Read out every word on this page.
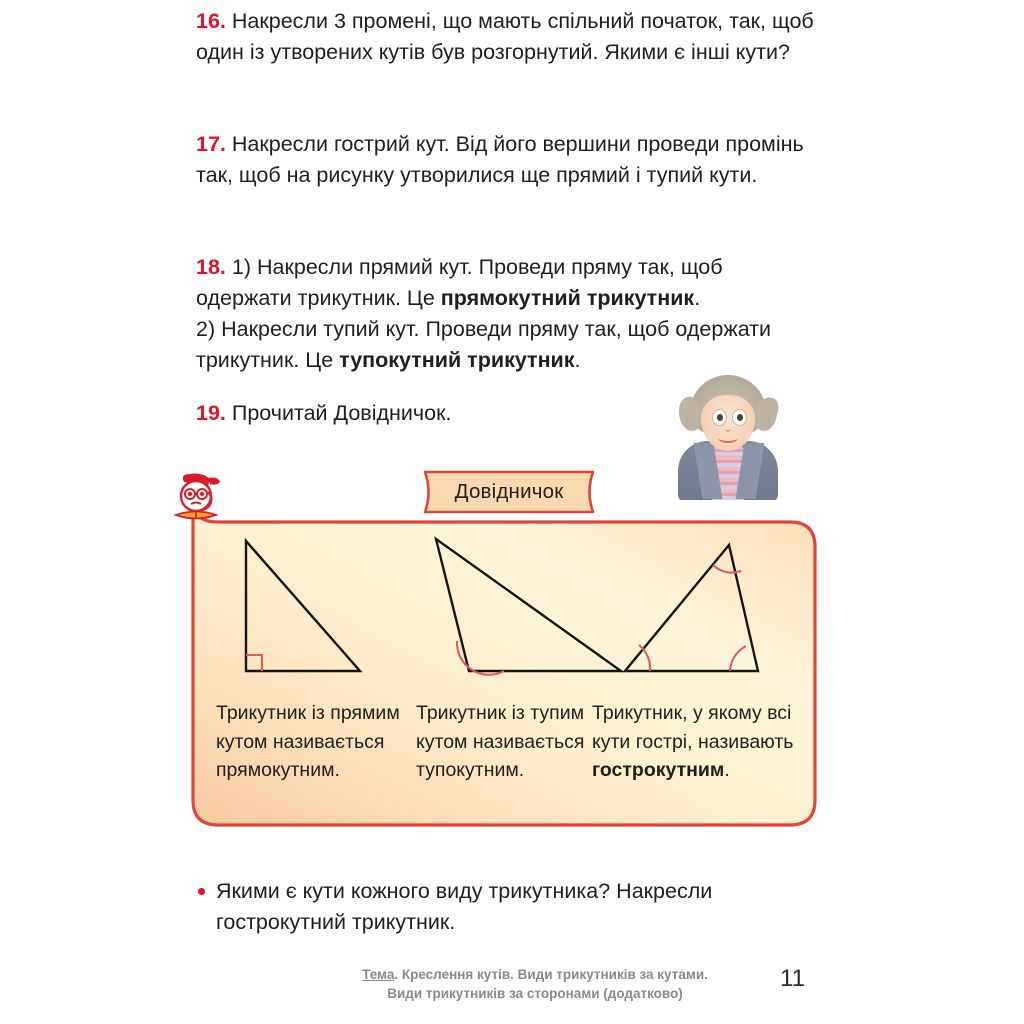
16. Накресли 3 промені, що мають спільний початок, так, щоб один із утворених кутів був розгорнутий. Якими є інші кути?
17. Накресли гострий кут. Від його вершини проведи промінь так, щоб на рисунку утворилися ще прямий і тупий кути.
18. 1) Накресли прямий кут. Проведи пряму так, щоб одержати трикутник. Це прямокутний трикутник.
2) Накресли тупий кут. Проведи пряму так, щоб одержати трикутник. Це тупокутний трикутник.
19. Прочитай Довідничок.
Трикутник із прямим кутом називається прямокутним.
Трикутник із тупим кутом називається тупокутним.
Трикутник, у якому всі кути гострі, називають гострокутним.
Довідничок
Якими є кути кожного виду трикутника? Накресли гострокутний трикутник.
Тема. Креслення кутів. Види трикутників за кутами.
Види трикутників за сторонами (додатково)
11
